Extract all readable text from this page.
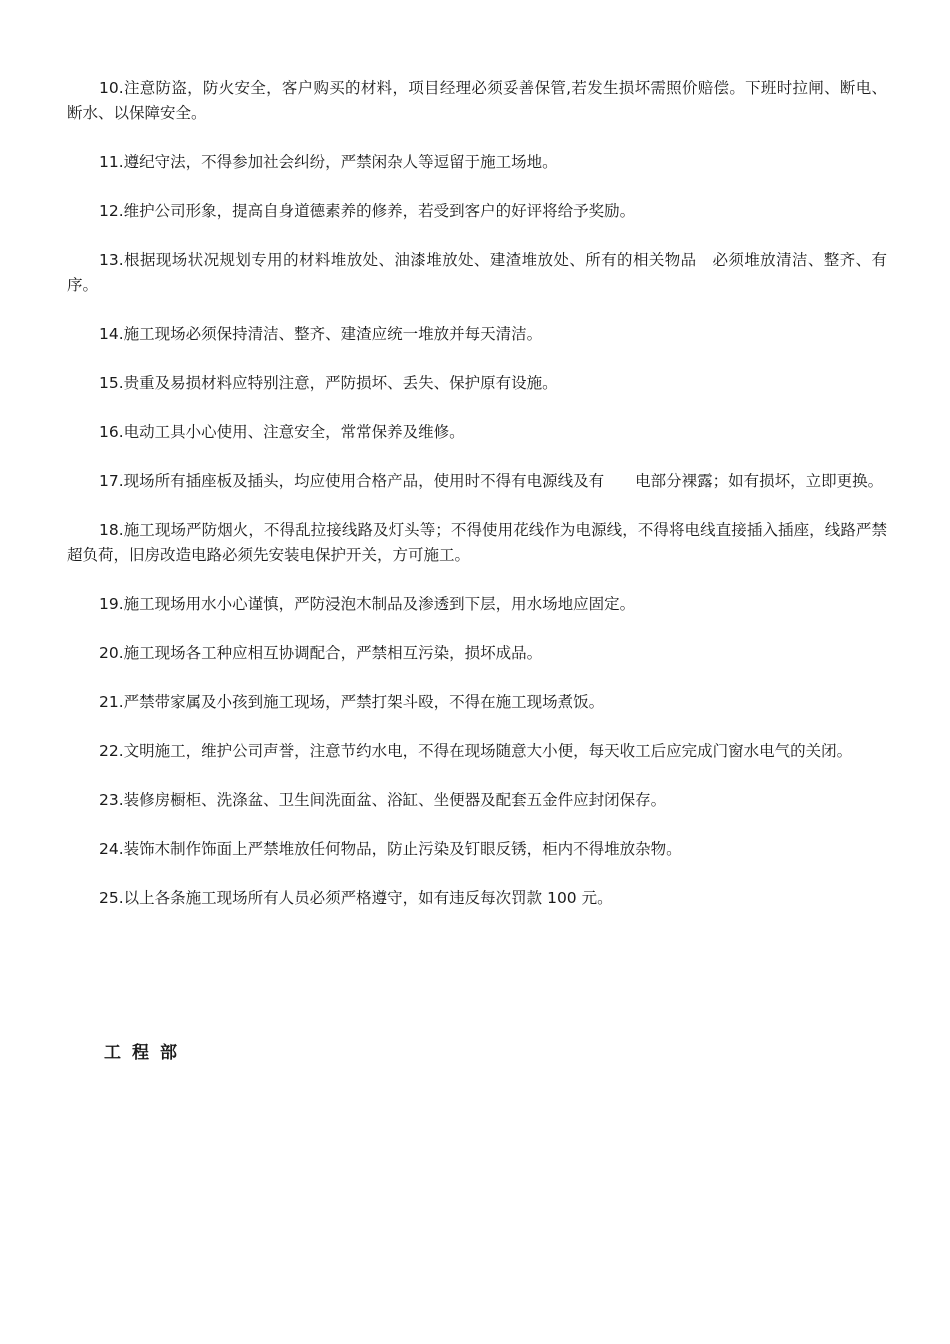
10.注意防盗，防火安全，客户购买的材料，项目经理必须妥善保管,若发生损坏需照价赔偿。下班时拉闸、断电、断水、以保障安全。

11.遵纪守法，不得参加社会纠纷，严禁闲杂人等逗留于施工场地。

12.维护公司形象，提高自身道德素养的修养，若受到客户的好评将给予奖励。

13.根据现场状况规划专用的材料堆放处、油漆堆放处、建渣堆放处、所有的相关物品　必须堆放清洁、整齐、有序。

14.施工现场必须保持清洁、整齐、建渣应统一堆放并每天清洁。

15.贵重及易损材料应特别注意，严防损坏、丢失、保护原有设施。

16.电动工具小心使用、注意安全，常常保养及维修。

17.现场所有插座板及插头，均应使用合格产品，使用时不得有电源线及有　　电部分裸露；如有损坏，立即更换。

18.施工现场严防烟火，不得乱拉接线路及灯头等；不得使用花线作为电源线，不得将电线直接插入插座，线路严禁超负荷，旧房改造电路必须先安装电保护开关，方可施工。

19.施工现场用水小心谨慎，严防浸泡木制品及渗透到下层，用水场地应固定。

20.施工现场各工种应相互协调配合，严禁相互污染，损坏成品。

21.严禁带家属及小孩到施工现场，严禁打架斗殴，不得在施工现场煮饭。

22.文明施工，维护公司声誉，注意节约水电，不得在现场随意大小便，每天收工后应完成门窗水电气的关闭。

23.装修房橱柜、洗涤盆、卫生间洗面盆、浴缸、坐便器及配套五金件应封闭保存。

24.装饰木制作饰面上严禁堆放任何物品，防止污染及钉眼反锈，柜内不得堆放杂物。

25.以上各条施工现场所有人员必须严格遵守，如有违反每次罚款 100 元。

工程部
